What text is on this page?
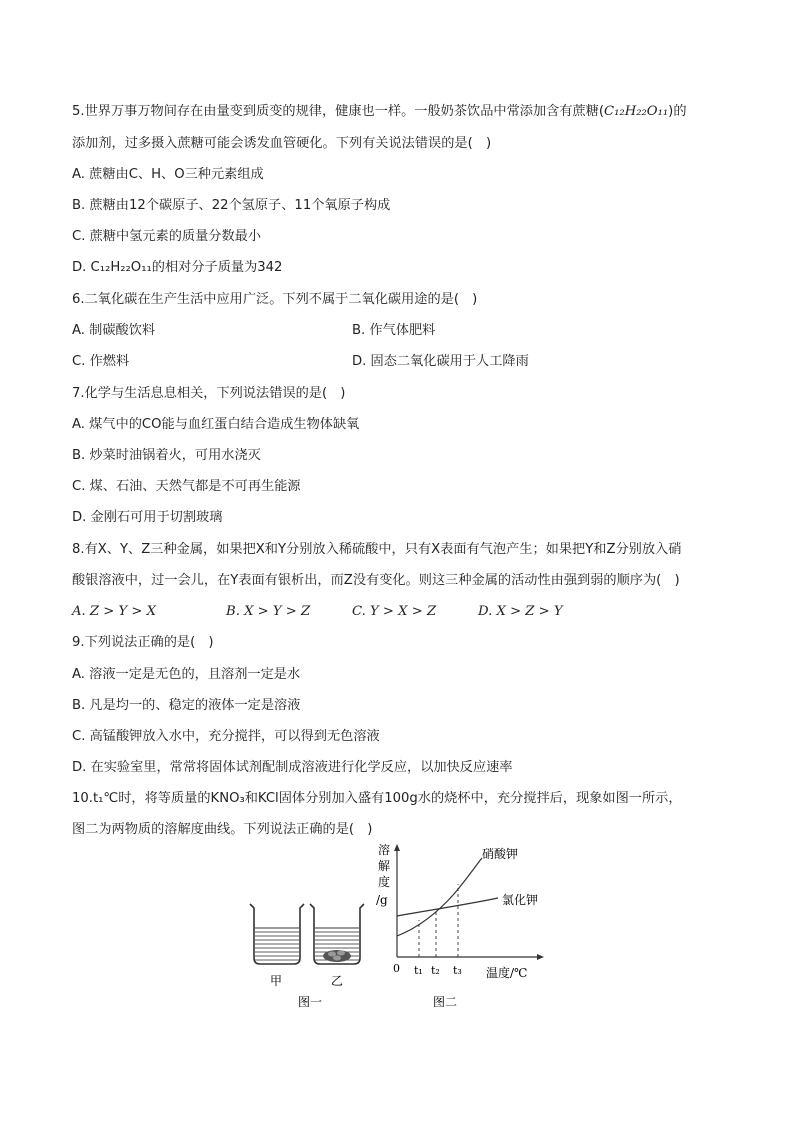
5.世界万事万物间存在由量变到质变的规律，健康也一样。一般奶茶饮品中常添加含有蔗糖(C₁₂H₂₂O₁₁)的
添加剂，过多摄入蔗糖可能会诱发血管硬化。下列有关说法错误的是(　)
A. 蔗糖由C、H、O三种元素组成
B. 蔗糖由12个碳原子、22个氢原子、11个氧原子构成
C. 蔗糖中氢元素的质量分数最小
D. C₁₂H₂₂O₁₁的相对分子质量为342
6.二氧化碳在生产生活中应用广泛。下列不属于二氧化碳用途的是(　)
A. 制碳酸饮料	B. 作气体肥料
C. 作燃料	D. 固态二氧化碳用于人工降雨
7.化学与生活息息相关，下列说法错误的是(　)
A. 煤气中的CO能与血红蛋白结合造成生物体缺氧
B. 炒菜时油锅着火，可用水浇灭
C. 煤、石油、天然气都是不可再生能源
D. 金刚石可用于切割玻璃
8.有X、Y、Z三种金属，如果把X和Y分别放入稀硫酸中，只有X表面有气泡产生；如果把Y和Z分别放入硝
酸银溶液中，过一会儿，在Y表面有银析出，而Z没有变化。则这三种金属的活动性由强到弱的顺序为(　)
A. Z > Y > X	B. X > Y > Z	C. Y > X > Z	D. X > Z > Y
9.下列说法正确的是(　)
A. 溶液一定是无色的，且溶剂一定是水
B. 凡是均一的、稳定的液体一定是溶液
C. 高锰酸钾放入水中，充分搅拌，可以得到无色溶液
D. 在实验室里，常常将固体试剂配制成溶液进行化学反应，以加快反应速率
10.t₁℃时，将等质量的KNO₃和KCl固体分别加入盛有100g水的烧杯中，充分搅拌后，现象如图一所示，
图二为两物质的溶解度曲线。下列说法正确的是(　)
甲	乙
图一
溶
解
度
/g
0 t₁ t₂ t₃ 温度/℃
硝酸钾
氯化钾
图二
